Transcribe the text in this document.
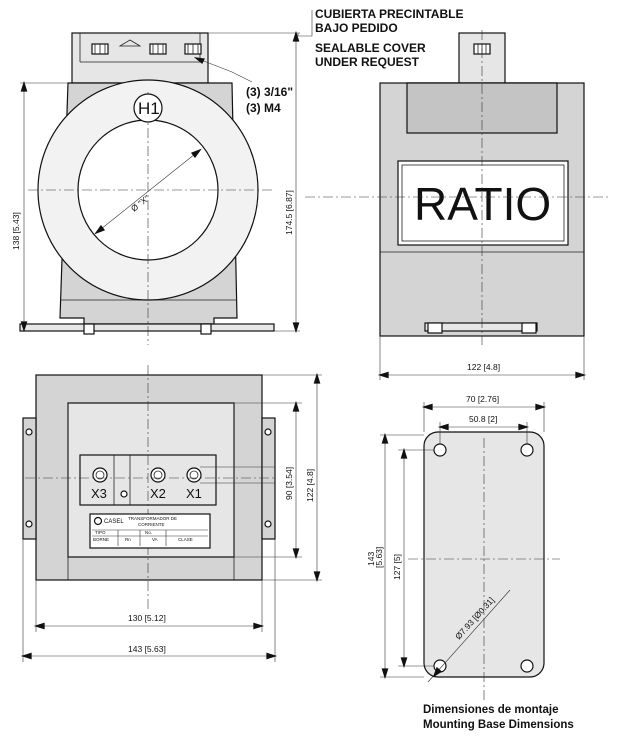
Ø "X"
H1
138 [5.43]	174.5 [6.87]
CUBIERTA PRECINTABLE
BAJO PEDIDO
SEALABLE COVER
UNDER REQUEST
(3) 3/16"
(3) M4
RATIO
122 [4.8]
X3	X2 X1
CASEL
TRANSFORMADOR DE
CORRIENTE
TIPO
BORNE
No.
Rn	VA	CLASE
90 [3.54] 122 [4.8]
130 [5.12]
143 [5.63]
70 [2.76]
50.8 [2]
143
[5.63] 127 [5]
Ø7.93 [Ø0.31]
Dimensiones de montaje
Mounting Base Dimensions
